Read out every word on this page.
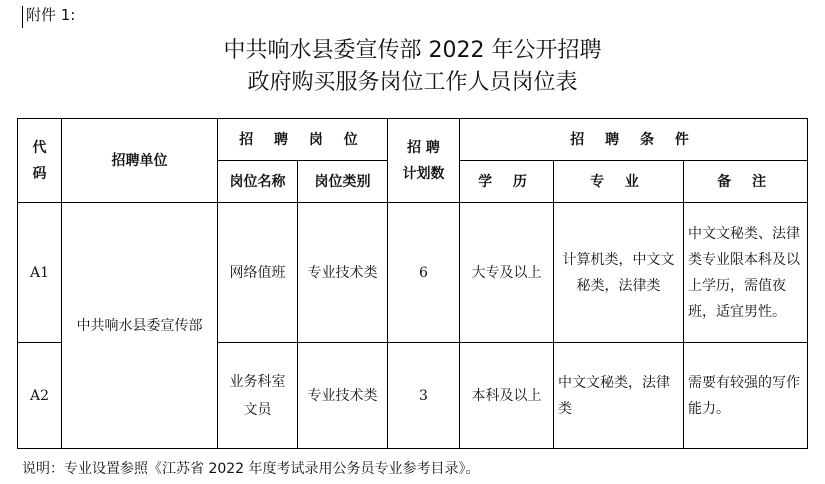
附件 1:
中共响水县委宣传部 2022 年公开招聘
政府购买服务岗位工作人员岗位表
代 码	招聘单位	招 聘 岗 位		招 聘 计划数	招 聘 条 件		
		岗位名称	岗位类别		学 历	专 业	备 注
A1	中共响水县委宣传部	网络值班	专业技术类	6	大专及以上	计算机类，中文文秘类，法律类	中文文秘类、法律类专业限本科及以上学历，需值夜班，适宜男性。
A2		业务科室文员	专业技术类	3	本科及以上	中文文秘类，法律类	需要有较强的写作能力。
说明：专业设置参照《江苏省 2022 年度考试录用公务员专业参考目录》。
